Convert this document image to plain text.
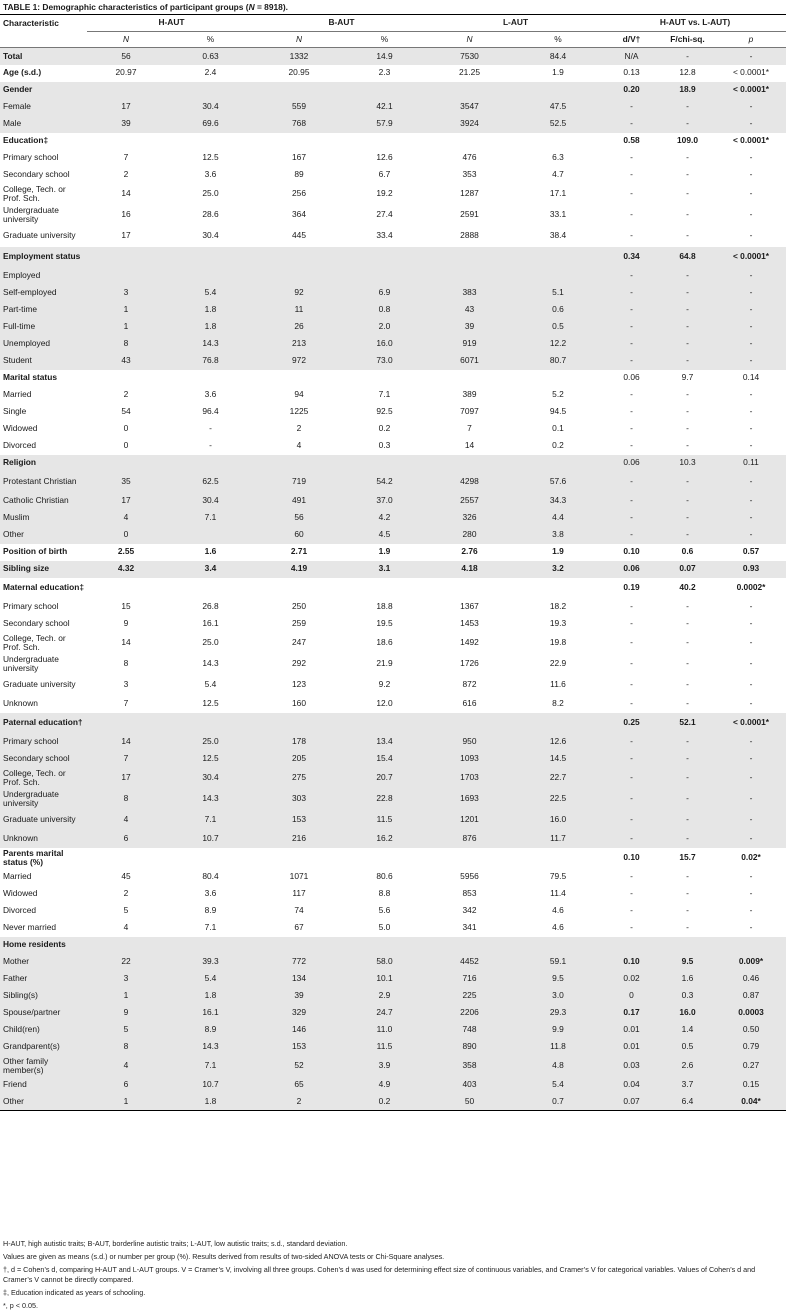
TABLE 1: Demographic characteristics of participant groups (N = 8918).
Characteristic	H-AUT		B-AUT		L-AUT		H-AUT vs. L-AUT)		
	N	%	N	%	N	%	d/V†	F/chi-sq.	p
Total	56	0.63	1332	14.9	7530	84.4	N/A	-	-
Age (s.d.)	20.97	2.4	20.95	2.3	21.25	1.9	0.13	12.8	< 0.0001*
Gender							0.20	18.9	< 0.0001*
Female	17	30.4	559	42.1	3547	47.5	-	-	-
Male	39	69.6	768	57.9	3924	52.5	-	-	-
Education‡							0.58	109.0	< 0.0001*
Primary school	7	12.5	167	12.6	476	6.3	-	-	-
Secondary school	2	3.6	89	6.7	353	4.7	-	-	-
College, Tech. or Prof. Sch.	14	25.0	256	19.2	1287	17.1	-	-	-
Undergraduate university	16	28.6	364	27.4	2591	33.1	-	-	-
Graduate university	17	30.4	445	33.4	2888	38.4	-	-	-
Employment status							0.34	64.8	< 0.0001*
Employed							-	-	-
Self-employed	3	5.4	92	6.9	383	5.1	-	-	-
Part-time	1	1.8	11	0.8	43	0.6	-	-	-
Full-time	1	1.8	26	2.0	39	0.5	-	-	-
Unemployed	8	14.3	213	16.0	919	12.2	-	-	-
Student	43	76.8	972	73.0	6071	80.7	-	-	-
Marital status							0.06	9.7	0.14
Married	2	3.6	94	7.1	389	5.2	-	-	-
Single	54	96.4	1225	92.5	7097	94.5	-	-	-
Widowed	0	-	2	0.2	7	0.1	-	-	-
Divorced	0	-	4	0.3	14	0.2	-	-	-
Religion							0.06	10.3	0.11
Protestant Christian	35	62.5	719	54.2	4298	57.6	-	-	-
Catholic Christian	17	30.4	491	37.0	2557	34.3	-	-	-
Muslim	4	7.1	56	4.2	326	4.4	-	-	-
Other	0		60	4.5	280	3.8	-	-	-
Position of birth	2.55	1.6	2.71	1.9	2.76	1.9	0.10	0.6	0.57
Sibling size	4.32	3.4	4.19	3.1	4.18	3.2	0.06	0.07	0.93
Maternal education‡							0.19	40.2	0.0002*
Primary school	15	26.8	250	18.8	1367	18.2	-	-	-
Secondary school	9	16.1	259	19.5	1453	19.3	-	-	-
College, Tech. or Prof. Sch.	14	25.0	247	18.6	1492	19.8	-	-	-
Undergraduate university	8	14.3	292	21.9	1726	22.9	-	-	-
Graduate university	3	5.4	123	9.2	872	11.6	-	-	-
Unknown	7	12.5	160	12.0	616	8.2	-	-	-
Paternal education†							0.25	52.1	< 0.0001*
Primary school	14	25.0	178	13.4	950	12.6	-	-	-
Secondary school	7	12.5	205	15.4	1093	14.5	-	-	-
College, Tech. or Prof. Sch.	17	30.4	275	20.7	1703	22.7	-	-	-
Undergraduate university	8	14.3	303	22.8	1693	22.5	-	-	-
Graduate university	4	7.1	153	11.5	1201	16.0	-	-	-
Unknown	6	10.7	216	16.2	876	11.7	-	-	-
Parents marital status (%)							0.10	15.7	0.02*
Married	45	80.4	1071	80.6	5956	79.5	-	-	-
Widowed	2	3.6	117	8.8	853	11.4	-	-	-
Divorced	5	8.9	74	5.6	342	4.6	-	-	-
Never married	4	7.1	67	5.0	341	4.6	-	-	-
Home residents									
Mother	22	39.3	772	58.0	4452	59.1	0.10	9.5	0.009*
Father	3	5.4	134	10.1	716	9.5	0.02	1.6	0.46
Sibling(s)	1	1.8	39	2.9	225	3.0	0	0.3	0.87
Spouse/partner	9	16.1	329	24.7	2206	29.3	0.17	16.0	0.0003
Child(ren)	5	8.9	146	11.0	748	9.9	0.01	1.4	0.50
Grandparent(s)	8	14.3	153	11.5	890	11.8	0.01	0.5	0.79
Other family member(s)	4	7.1	52	3.9	358	4.8	0.03	2.6	0.27
Friend	6	10.7	65	4.9	403	5.4	0.04	3.7	0.15
Other	1	1.8	2	0.2	50	0.7	0.07	6.4	0.04*

H-AUT, high autistic traits; B-AUT, borderline autistic traits; L-AUT, low autistic traits; s.d., standard deviation.

Values are given as means (s.d.) or number per group (%). Results derived from results of two-sided ANOVA tests or Chi-Square analyses.

†, d = Cohen’s d, comparing H-AUT and L-AUT groups. V = Cramer’s V, involving all three groups. Cohen’s d was used for determining effect size of continuous variables, and Cramer’s V for categorical variables. Values of Cohen’s d and Cramer’s V cannot be directly compared.

‡, Education indicated as years of schooling.

*, p < 0.05.
